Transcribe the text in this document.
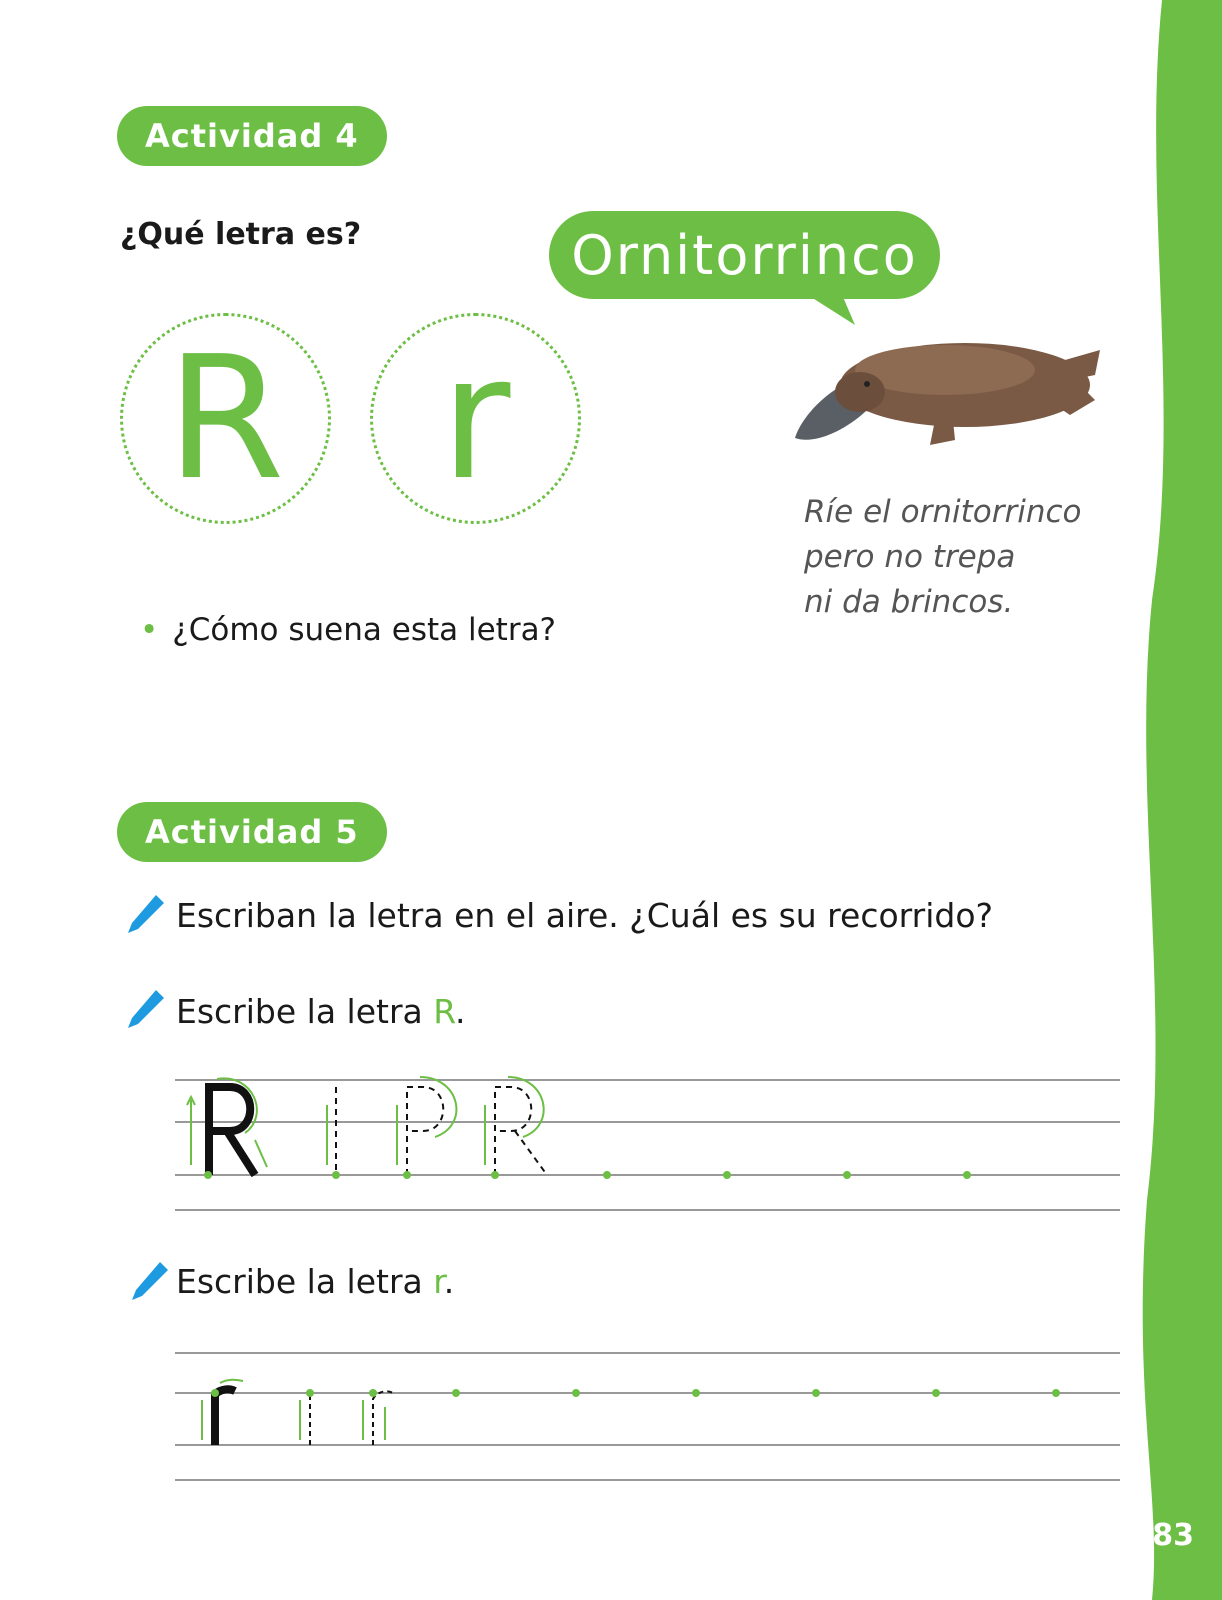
83
Actividad 4
¿Qué letra es?
R r
Ornitorrinco
Ríe el ornitorrinco
pero no trepa
ni da brincos.
• ¿Cómo suena esta letra?
Actividad 5
Escriban la letra en el aire. ¿Cuál es su recorrido?
Escribe la letra R.
Escribe la letra r.
